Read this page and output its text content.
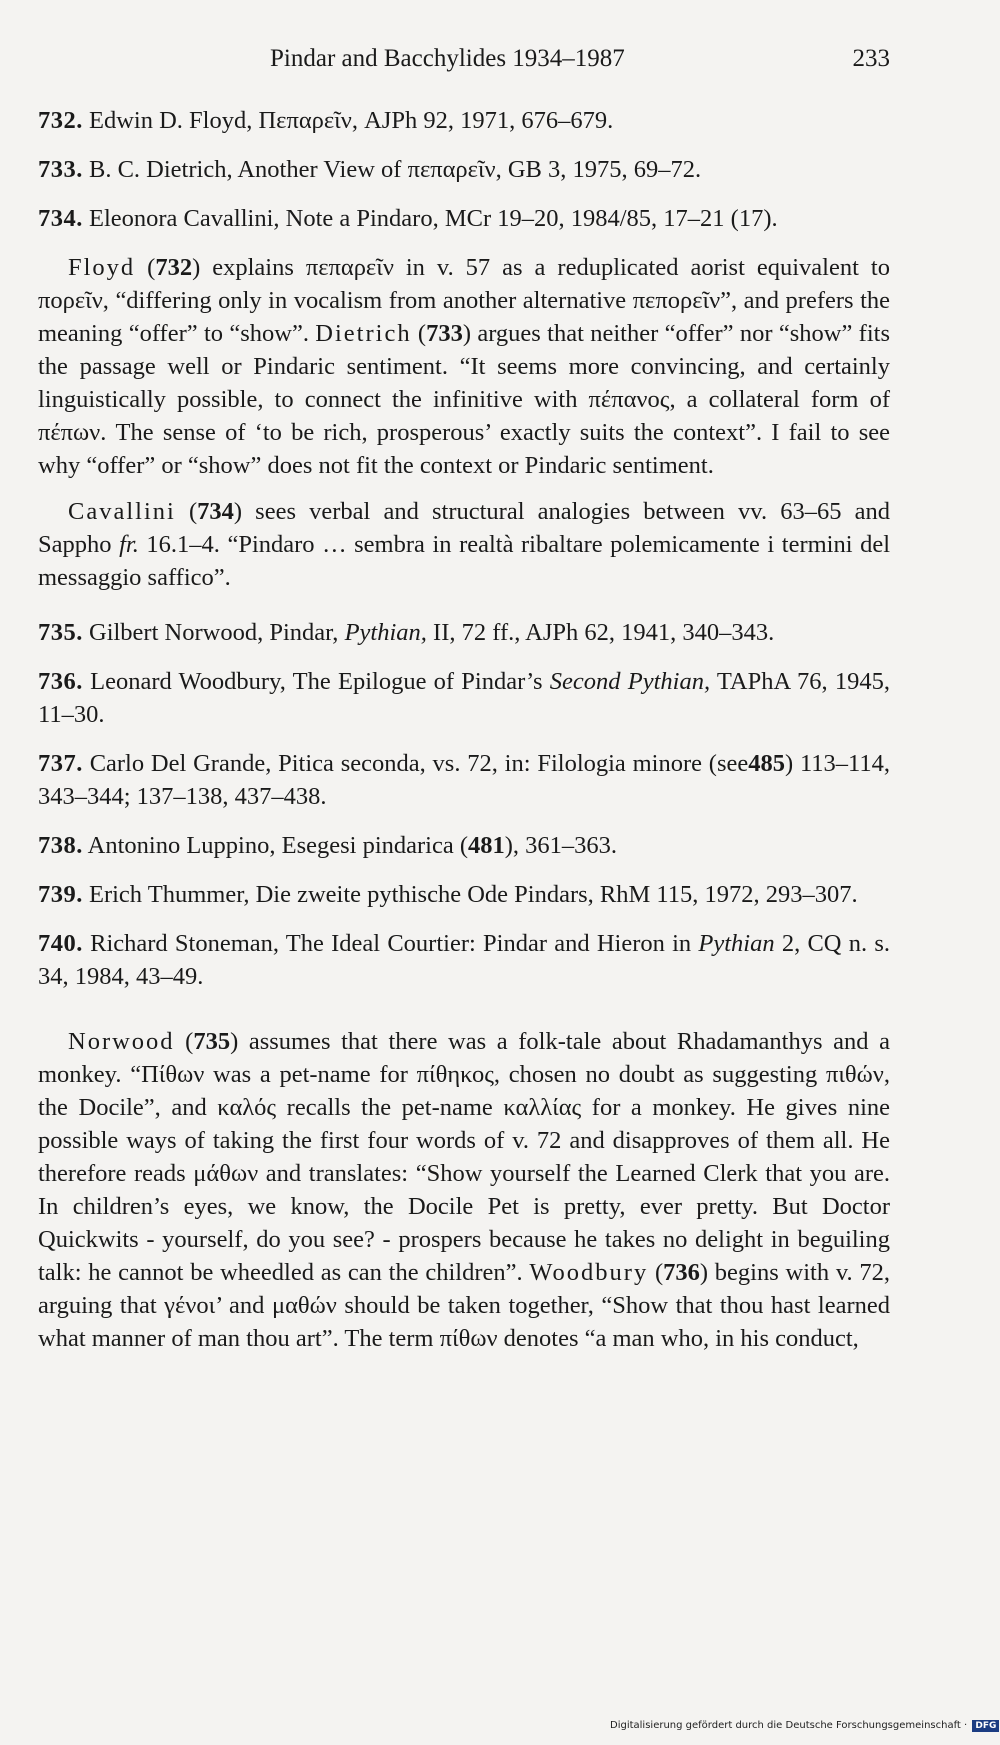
Pindar and Bacchylides 1934–1987	233

732. Edwin D. Floyd, Πεπαρεῖν, AJPh 92, 1971, 676–679.

733. B. C. Dietrich, Another View of πεπαρεῖν, GB 3, 1975, 69–72.

734. Eleonora Cavallini, Note a Pindaro, MCr 19–20, 1984/85, 17–21 (17).

Floyd (732) explains πεπαρεῖν in v. 57 as a reduplicated aorist equivalent to πορεῖν, “differing only in vocalism from another alternative πεπορεῖν”, and prefers the meaning “offer” to “show”. Dietrich (733) argues that neither “offer” nor “show” fits the passage well or Pindaric sentiment. “It seems more convincing, and certainly linguistically possible, to connect the infinitive with πέπανος, a collateral form of πέπων. The sense of ‘to be rich, prosperous’ exactly suits the context”. I fail to see why “offer” or “show” does not fit the context or Pindaric sentiment.

Cavallini (734) sees verbal and structural analogies between vv. 63–65 and Sappho fr. 16.1–4. “Pindaro … sembra in realtà ribaltare polemicamente i termini del messaggio saffico”.

735. Gilbert Norwood, Pindar, Pythian, II, 72 ff., AJPh 62, 1941, 340–343.

736. Leonard Woodbury, The Epilogue of Pindar’s Second Pythian, TAPhA 76, 1945, 11–30.

737. Carlo Del Grande, Pitica seconda, vs. 72, in: Filologia minore (see485) 113–114, 343–344; 137–138, 437–438.

738. Antonino Luppino, Esegesi pindarica (481), 361–363.

739. Erich Thummer, Die zweite pythische Ode Pindars, RhM 115, 1972, 293–307.

740. Richard Stoneman, The Ideal Courtier: Pindar and Hieron in Pythian 2, CQ n. s. 34, 1984, 43–49.

Norwood (735) assumes that there was a folk-tale about Rhadamanthys and a monkey. “Πίθων was a pet-name for πίθηκος, chosen no doubt as suggesting πιθών, the Docile”, and καλός recalls the pet-name καλλίας for a monkey. He gives nine possible ways of taking the first four words of v. 72 and disapproves of them all. He therefore reads μάθων and translates: “Show yourself the Learned Clerk that you are. In children’s eyes, we know, the Docile Pet is pretty, ever pretty. But Doctor Quickwits - yourself, do you see? - prospers because he takes no delight in beguiling talk: he cannot be wheedled as can the children”. Woodbury (736) begins with v. 72, arguing that γένοι’ and μαθών should be taken together, “Show that thou hast learned what manner of man thou art”. The term πίθων denotes “a man who, in his conduct,

Digitalisierung gefördert durch die Deutsche Forschungsgemeinschaft · DFG
